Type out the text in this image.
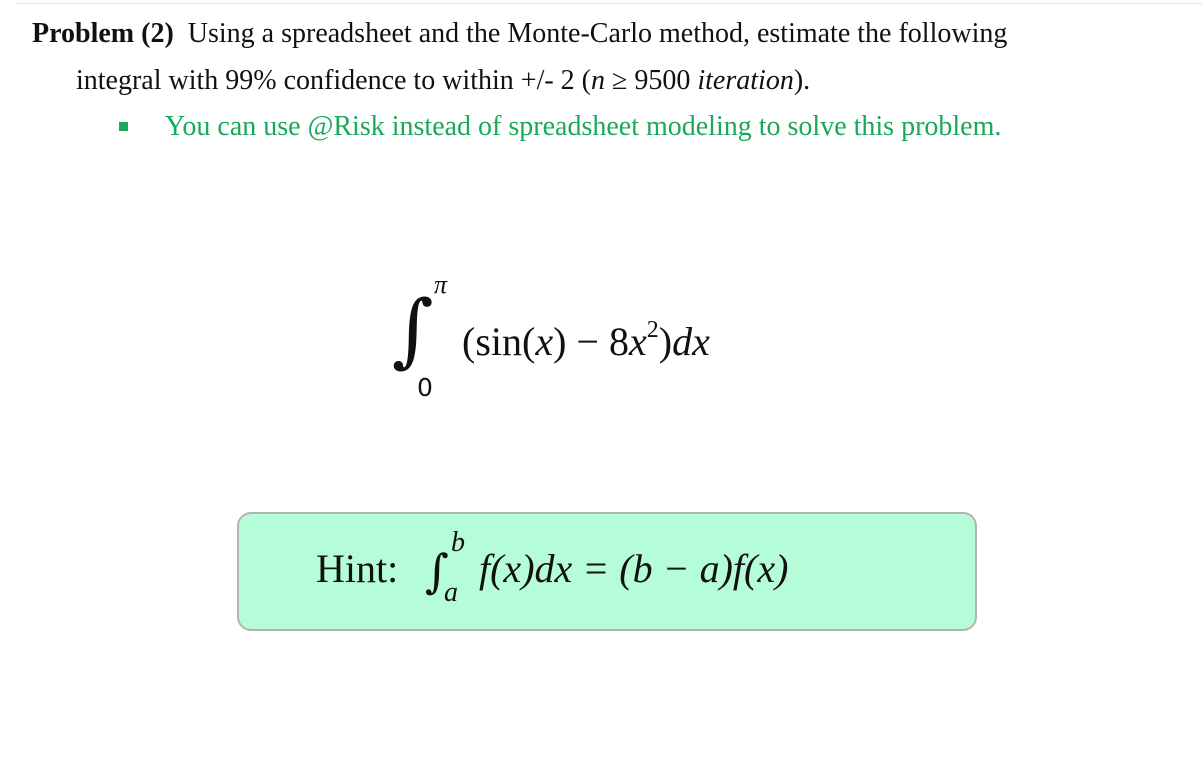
Problem (2) Using a spreadsheet and the Monte-Carlo method, estimate the following
integral with 99% confidence to within +/- 2 (n ≥ 9500 iteration).
You can use @Risk instead of spreadsheet modeling to solve this problem.
∫ π
0
$(\sin(x) - 8x^2)dx$
Hint: ∫
b
a
f(x)dx = (b − a)f(x)
